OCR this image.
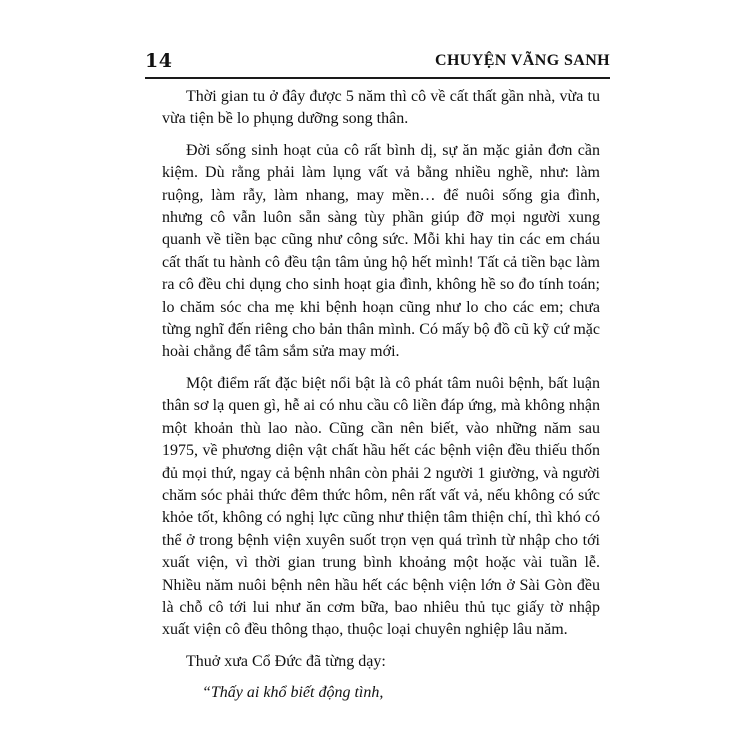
14	CHUYỆN VÃNG SANH

Thời gian tu ở đây được 5 năm thì cô về cất thất gần nhà, vừa tu vừa tiện bề lo phụng dưỡng song thân.

Đời sống sinh hoạt của cô rất bình dị, sự ăn mặc giản đơn cần kiệm. Dù rằng phải làm lụng vất vả bằng nhiều nghề, như: làm ruộng, làm rẫy, làm nhang, may mền… để nuôi sống gia đình, nhưng cô vẫn luôn sẵn sàng tùy phần giúp đỡ mọi người xung quanh về tiền bạc cũng như công sức. Mỗi khi hay tin các em cháu cất thất tu hành cô đều tận tâm ủng hộ hết mình! Tất cả tiền bạc làm ra cô đều chi dụng cho sinh hoạt gia đình, không hề so đo tính toán; lo chăm sóc cha mẹ khi bệnh hoạn cũng như lo cho các em; chưa từng nghĩ đến riêng cho bản thân mình. Có mấy bộ đồ cũ kỹ cứ mặc hoài chẳng để tâm sắm sửa may mới.

Một điểm rất đặc biệt nổi bật là cô phát tâm nuôi bệnh, bất luận thân sơ lạ quen gì, hễ ai có nhu cầu cô liền đáp ứng, mà không nhận một khoản thù lao nào. Cũng cần nên biết, vào những năm sau 1975, về phương diện vật chất hầu hết các bệnh viện đều thiếu thốn đủ mọi thứ, ngay cả bệnh nhân còn phải 2 người 1 giường, và người chăm sóc phải thức đêm thức hôm, nên rất vất vả, nếu không có sức khỏe tốt, không có nghị lực cũng như thiện tâm thiện chí, thì khó có thể ở trong bệnh viện xuyên suốt trọn vẹn quá trình từ nhập cho tới xuất viện, vì thời gian trung bình khoảng một hoặc vài tuần lễ. Nhiều năm nuôi bệnh nên hầu hết các bệnh viện lớn ở Sài Gòn đều là chỗ cô tới lui như ăn cơm bữa, bao nhiêu thủ tục giấy tờ nhập xuất viện cô đều thông thạo, thuộc loại chuyên nghiệp lâu năm.

Thuở xưa Cổ Đức đã từng dạy:

“Thấy ai khổ biết động tình,
